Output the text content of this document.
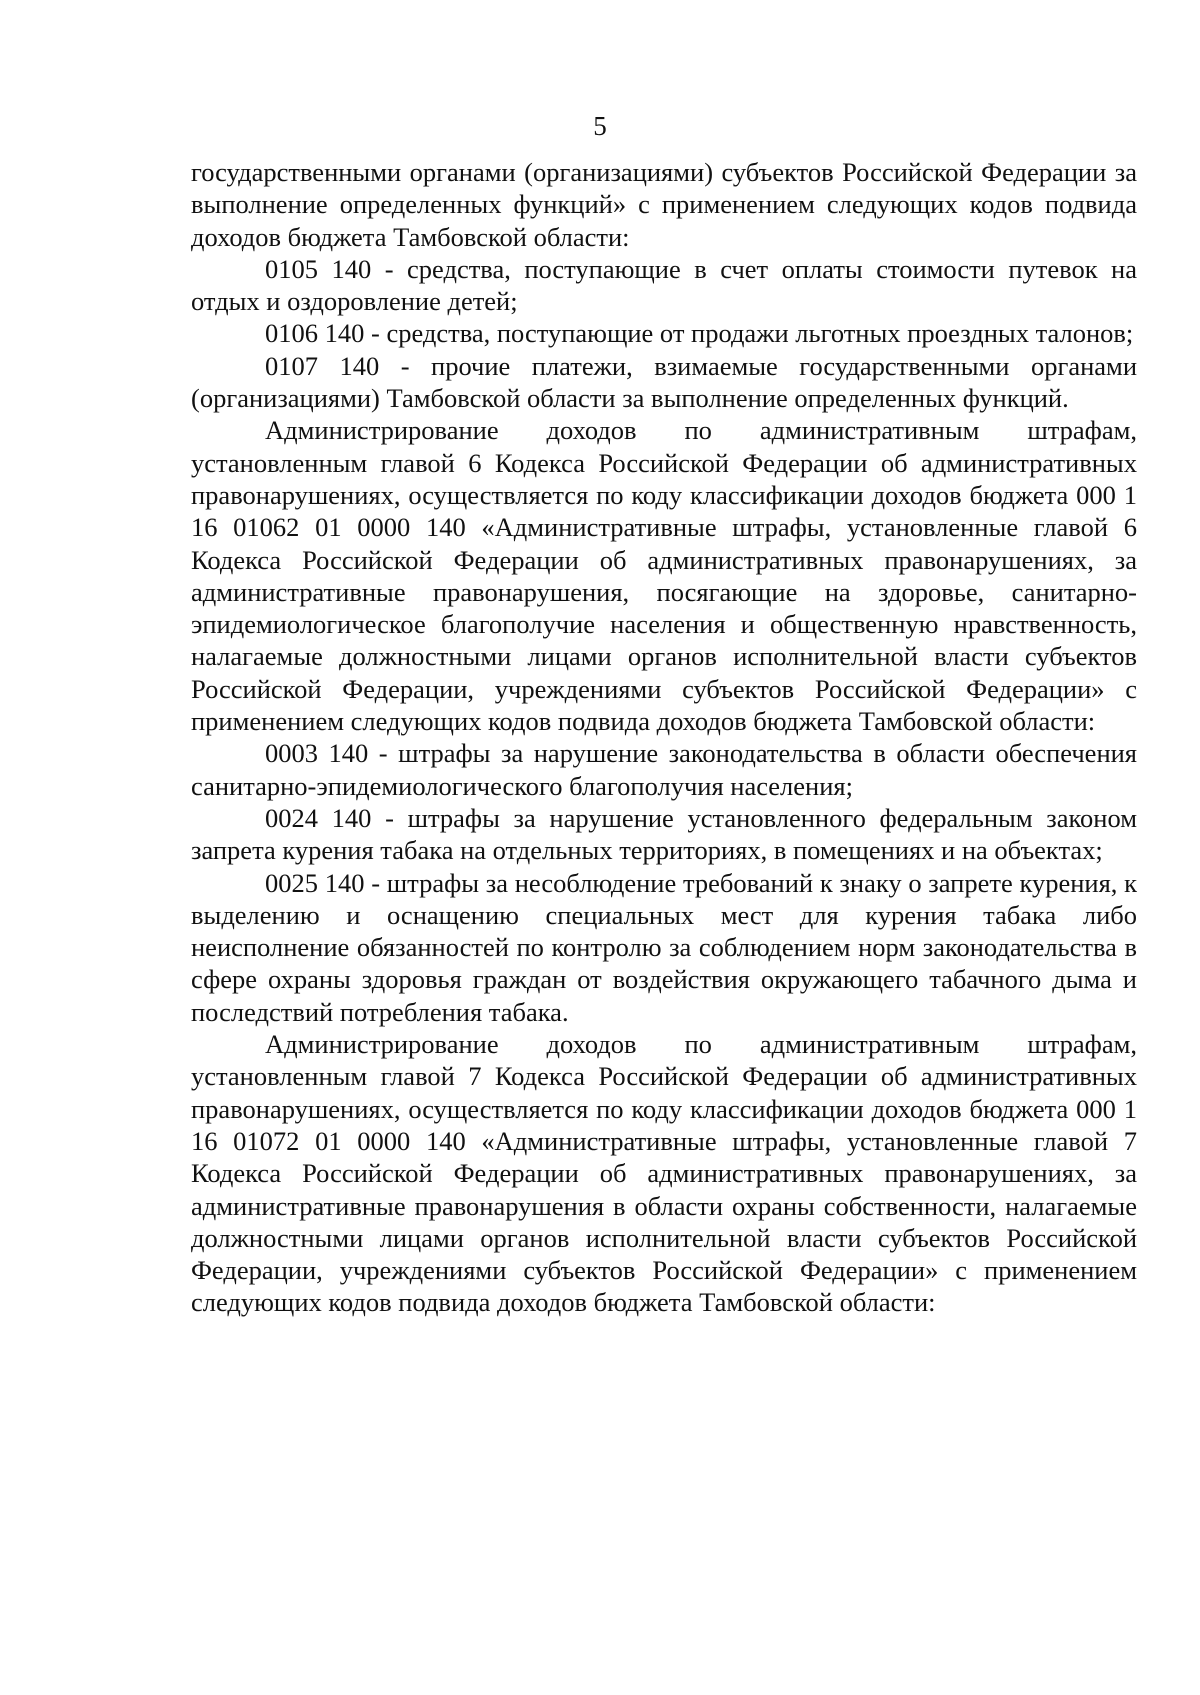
5

государственными органами (организациями) субъектов Российской Федерации за выполнение определенных функций» с применением следующих кодов подвида доходов бюджета Тамбовской области:

0105 140 - средства, поступающие в счет оплаты стоимости путевок на отдых и оздоровление детей;

0106 140 - средства, поступающие от продажи льготных проездных талонов;

0107 140 - прочие платежи, взимаемые государственными органами (организациями) Тамбовской области за выполнение определенных функций.

Администрирование доходов по административным штрафам, установленным главой 6 Кодекса Российской Федерации об административных правонарушениях, осуществляется по коду классификации доходов бюджета 000 1 16 01062 01 0000 140 «Административные штрафы, установленные главой 6 Кодекса Российской Федерации об административных правонарушениях, за административные правонарушения, посягающие на здоровье, санитарно-эпидемиологическое благополучие населения и общественную нравственность, налагаемые должностными лицами органов исполнительной власти субъектов Российской Федерации, учреждениями субъектов Российской Федерации» с применением следующих кодов подвида доходов бюджета Тамбовской области:

0003 140 - штрафы за нарушение законодательства в области обеспечения санитарно-эпидемиологического благополучия населения;

0024 140 - штрафы за нарушение установленного федеральным законом запрета курения табака на отдельных территориях, в помещениях и на объектах;

0025 140 - штрафы за несоблюдение требований к знаку о запрете курения, к выделению и оснащению специальных мест для курения табака либо неисполнение обязанностей по контролю за соблюдением норм законодательства в сфере охраны здоровья граждан от воздействия окружающего табачного дыма и последствий потребления табака.

Администрирование доходов по административным штрафам, установленным главой 7 Кодекса Российской Федерации об административных правонарушениях, осуществляется по коду классификации доходов бюджета 000 1 16 01072 01 0000 140 «Административные штрафы, установленные главой 7 Кодекса Российской Федерации об административных правонарушениях, за административные правонарушения в области охраны собственности, налагаемые должностными лицами органов исполнительной власти субъектов Российской Федерации, учреждениями субъектов Российской Федерации» с применением следующих кодов подвида доходов бюджета Тамбовской области:
